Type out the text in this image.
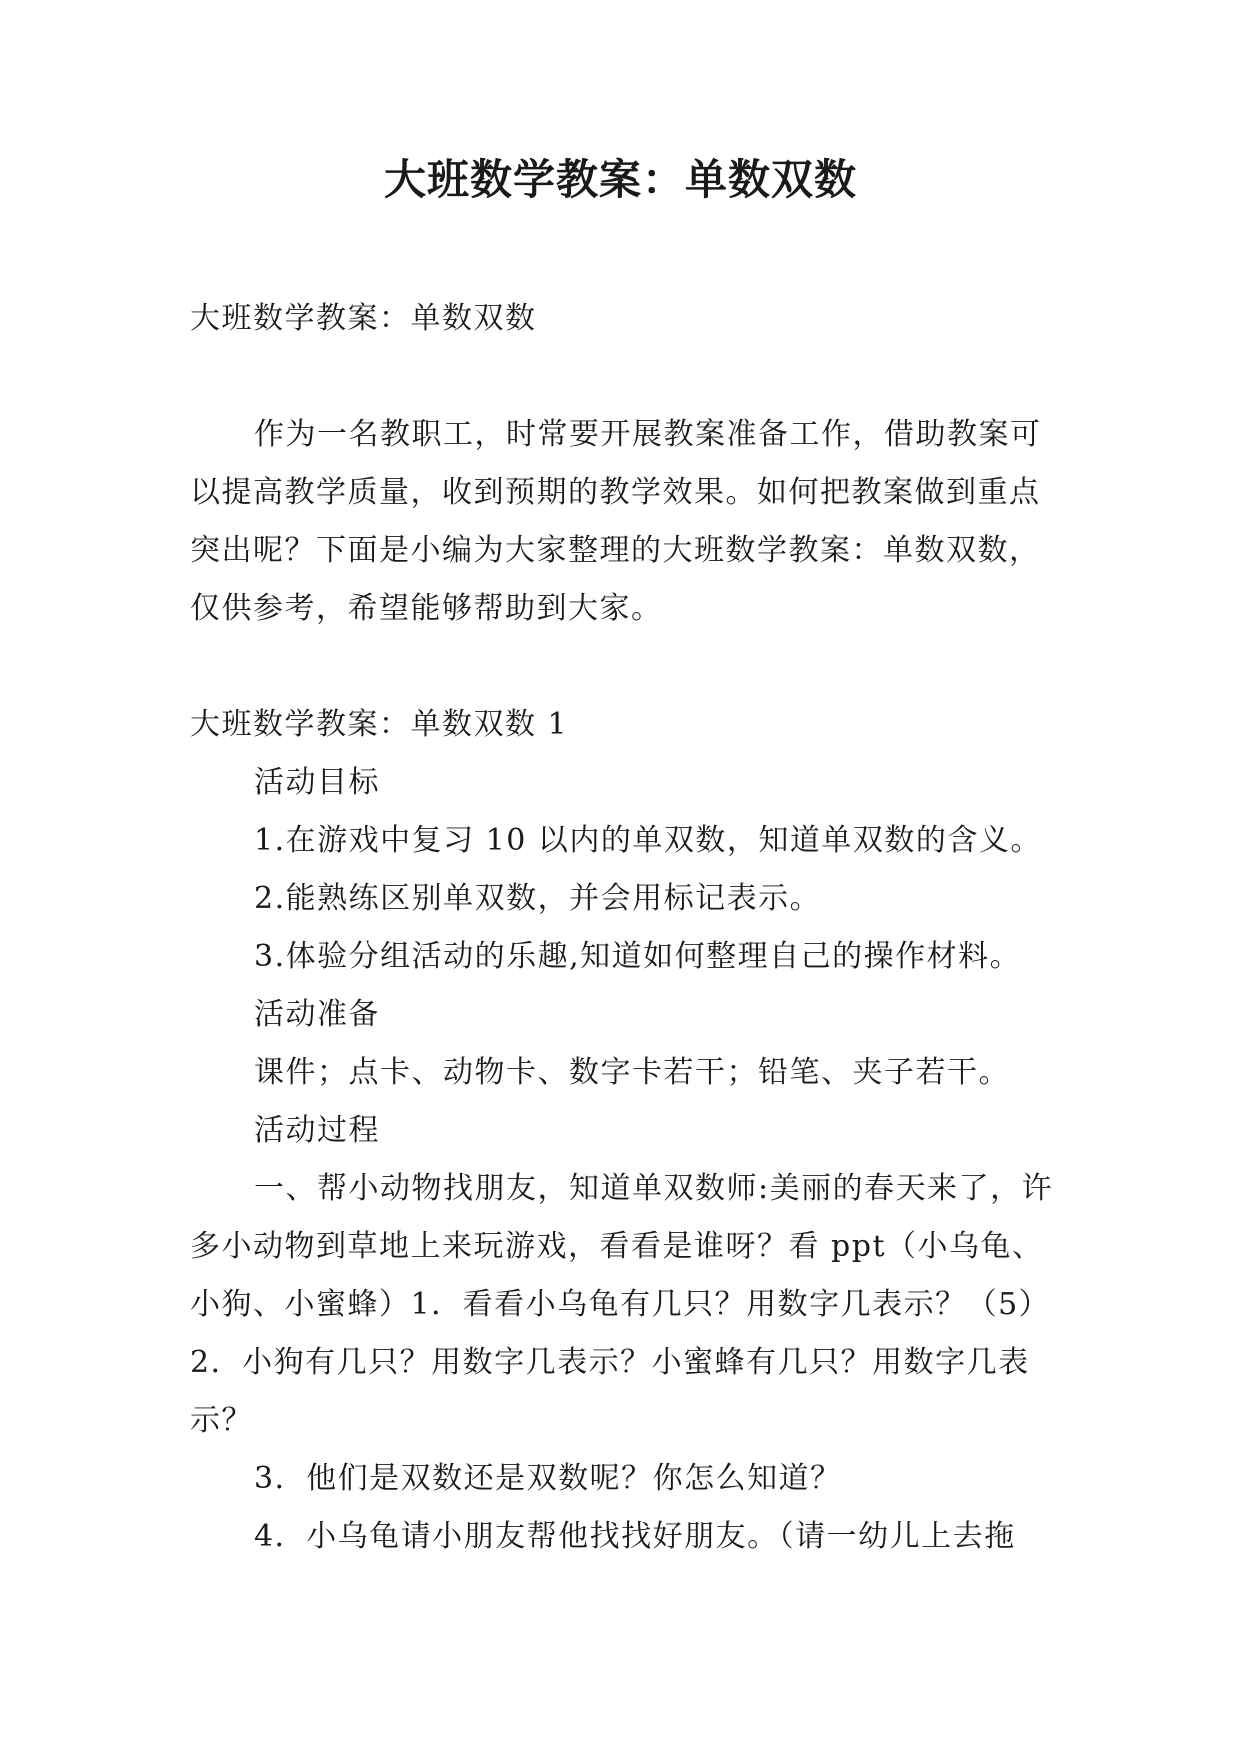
大班数学教案：单数双数

大班数学教案：单数双数

作为一名教职工，时常要开展教案准备工作，借助教案可以提高教学质量，收到预期的教学效果。如何把教案做到重点突出呢？下面是小编为大家整理的大班数学教案：单数双数，仅供参考，希望能够帮助到大家。

大班数学教案：单数双数 1

活动目标

1.在游戏中复习 10 以内的单双数，知道单双数的含义。

2.能熟练区别单双数，并会用标记表示。

3.体验分组活动的乐趣,知道如何整理自己的操作材料。

活动准备

课件；点卡、动物卡、数字卡若干；铅笔、夹子若干。

活动过程

一、帮小动物找朋友，知道单双数师:美丽的春天来了，许多小动物到草地上来玩游戏，看看是谁呀？看 ppt（小乌龟、小狗、小蜜蜂）1．看看小乌龟有几只？用数字几表示？（5）2．小狗有几只？用数字几表示？小蜜蜂有几只？用数字几表示？

3．他们是双数还是双数呢？你怎么知道？

4．小乌龟请小朋友帮他找找好朋友。（请一幼儿上去拖
